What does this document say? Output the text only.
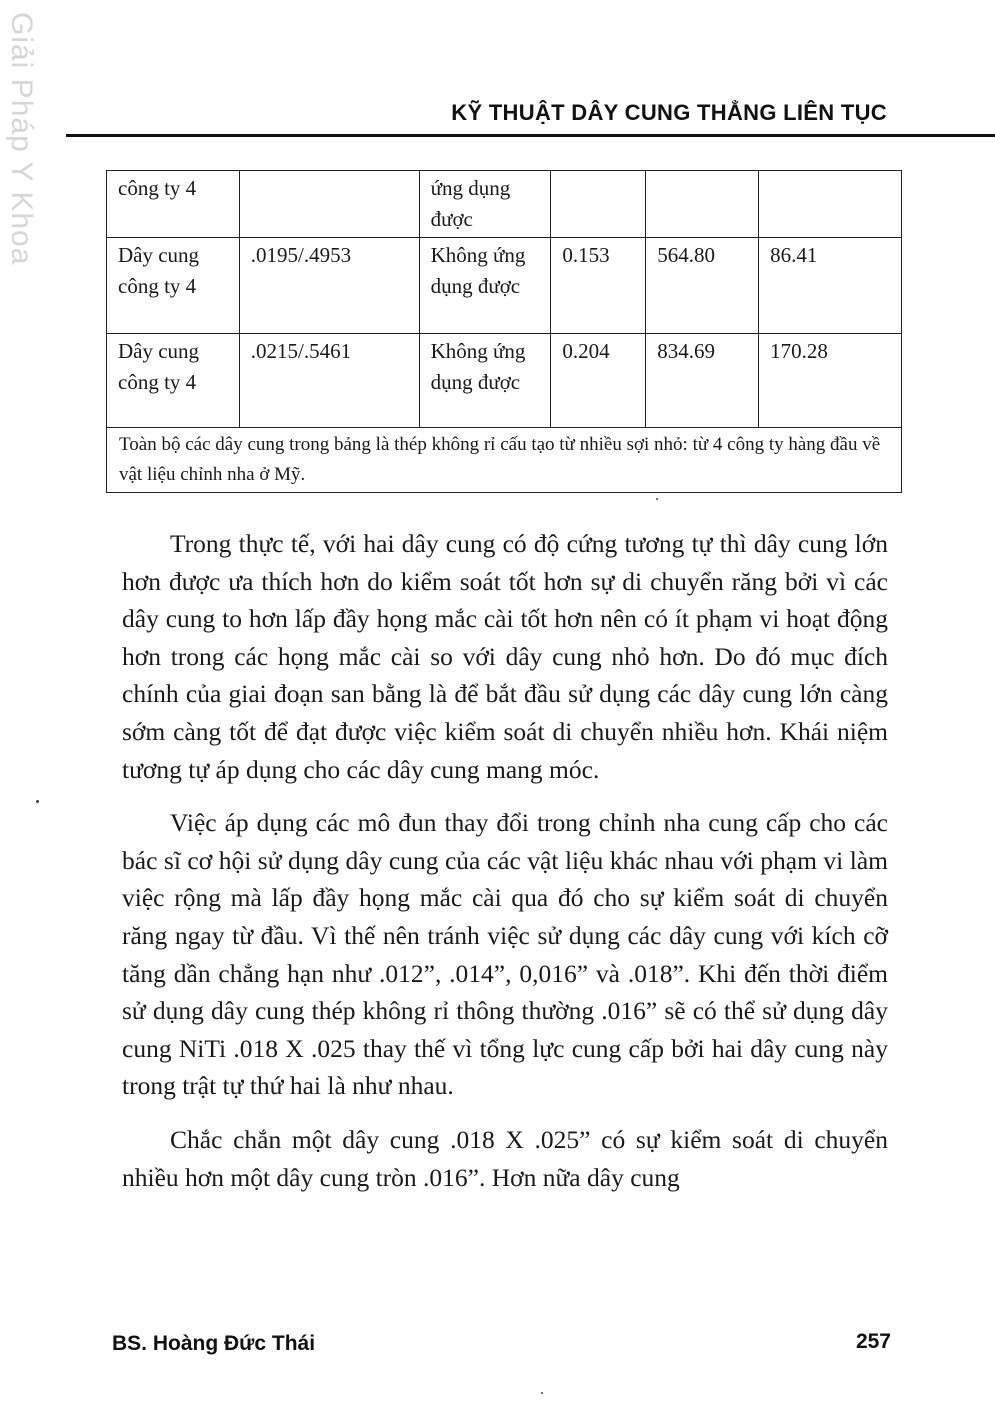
Giải Pháp Y Khoa	KỸ THUẬT DÂY CUNG THẲNG LIÊN TỤC
công ty 4		ứng dụng được			
Dây cung công ty 4	.0195/.4953	Không ứng dụng được	0.153	564.80	86.41
Dây cung công ty 4	.0215/.5461	Không ứng dụng được	0.204	834.69	170.28
Toàn bộ các dây cung trong bảng là thép không rỉ cấu tạo từ nhiều sợi nhỏ: từ 4 công ty hàng đầu về vật liệu chỉnh nha ở Mỹ.					

Trong thực tế, với hai dây cung có độ cứng tương tự thì dây cung lớn hơn được ưa thích hơn do kiểm soát tốt hơn sự di chuyển răng bởi vì các dây cung to hơn lấp đầy họng mắc cài tốt hơn nên có ít phạm vi hoạt động hơn trong các họng mắc cài so với dây cung nhỏ hơn. Do đó mục đích chính của giai đoạn san bằng là để bắt đầu sử dụng các dây cung lớn càng sớm càng tốt để đạt được việc kiểm soát di chuyển nhiều hơn. Khái niệm tương tự áp dụng cho các dây cung mang móc.

Việc áp dụng các mô đun thay đổi trong chỉnh nha cung cấp cho các bác sĩ cơ hội sử dụng dây cung của các vật liệu khác nhau với phạm vi làm việc rộng mà lấp đầy họng mắc cài qua đó cho sự kiểm soát di chuyển răng ngay từ đầu. Vì thế nên tránh việc sử dụng các dây cung với kích cỡ tăng dần chẳng hạn như .012”, .014”, 0,016” và .018”. Khi đến thời điểm sử dụng dây cung thép không rỉ thông thường .016” sẽ có thể sử dụng dây cung NiTi .018 X .025 thay thế vì tổng lực cung cấp bởi hai dây cung này trong trật tự thứ hai là như nhau.

Chắc chắn một dây cung .018 X .025” có sự kiểm soát di chuyển nhiều hơn một dây cung tròn .016”. Hơn nữa dây cung

BS. Hoàng Đức Thái	257
